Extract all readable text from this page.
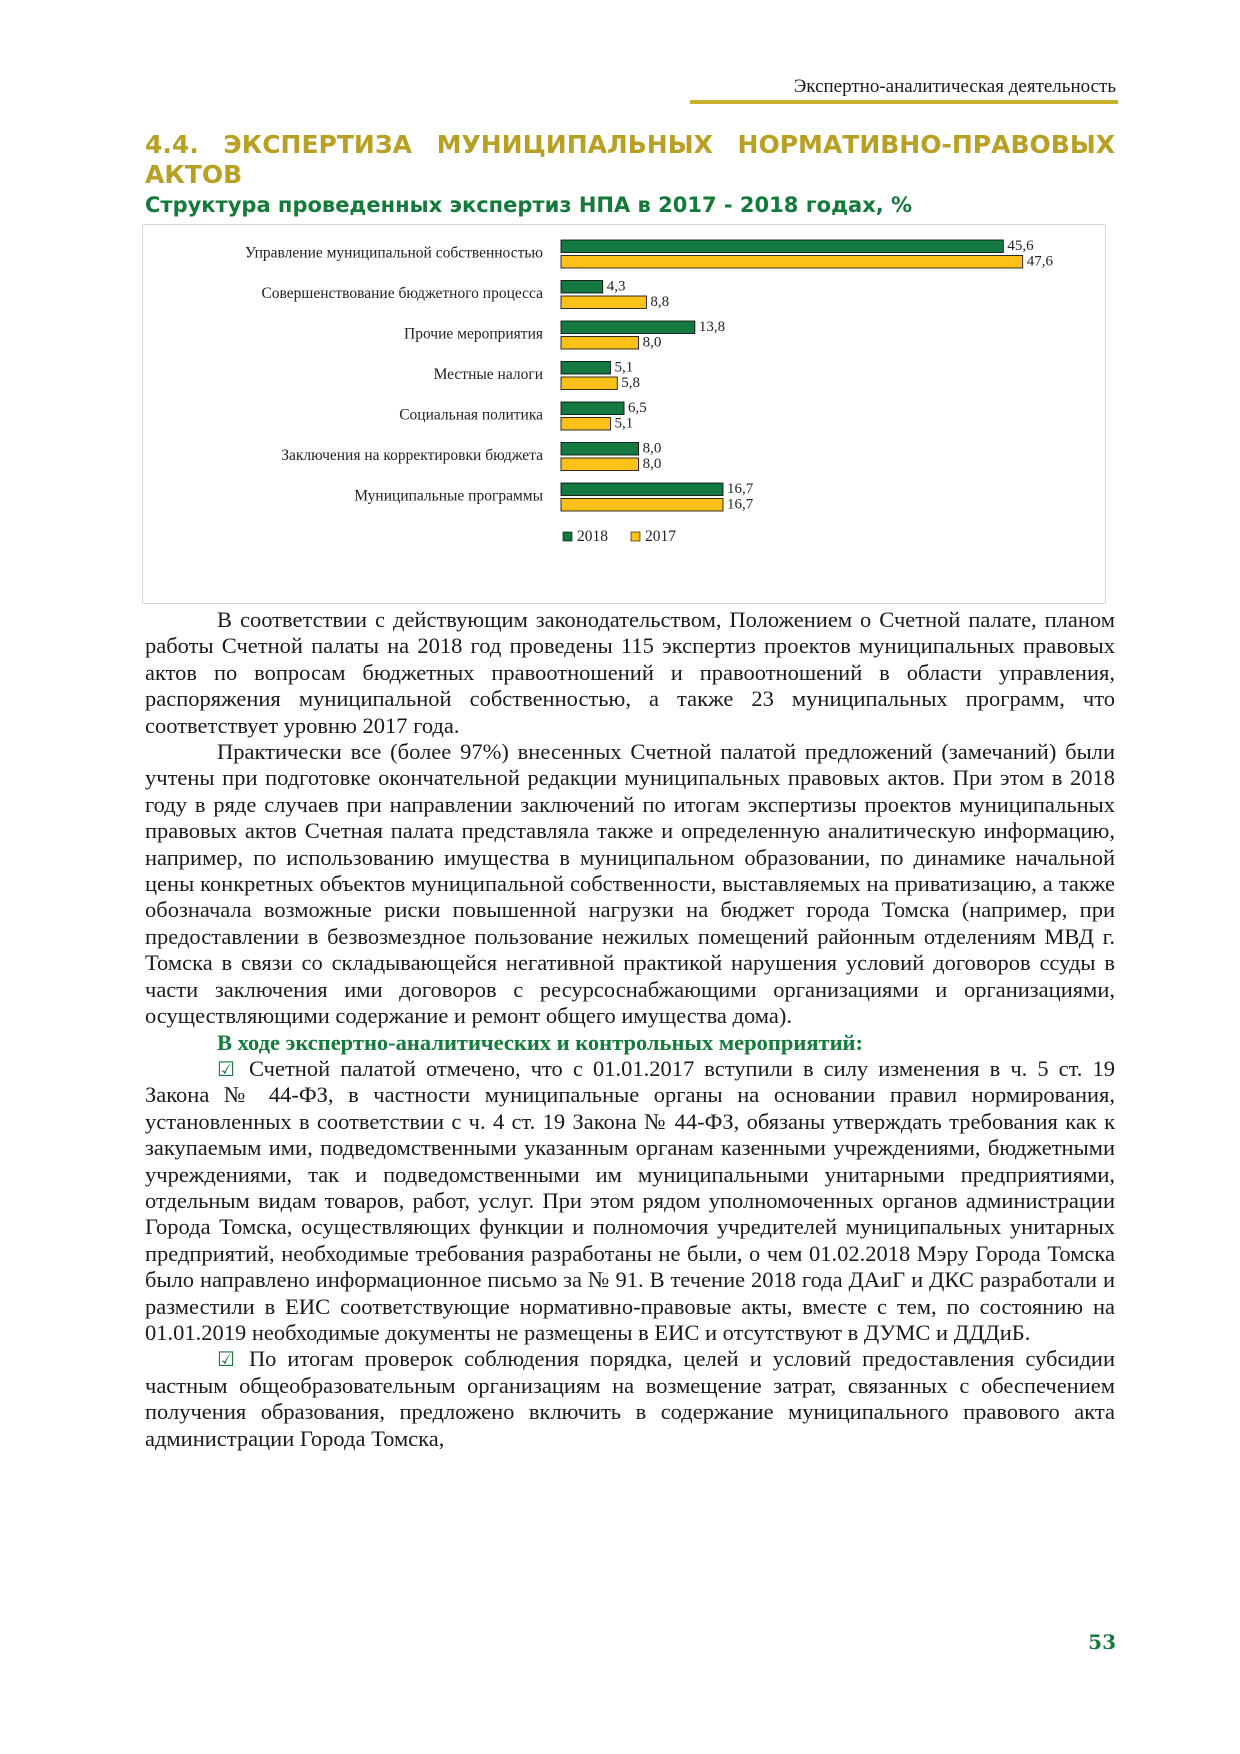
Экспертно-аналитическая деятельность
4.4. ЭКСПЕРТИЗА МУНИЦИПАЛЬНЫХ НОРМАТИВНО-ПРАВОВЫХ АКТОВ
Структура проведенных экспертиз НПА в 2017 - 2018 годах, %
Управление муниципальной собственностью	45,6
47,6
Совершенствование бюджетного процесса	4,3
8,8
Прочие мероприятия	13,8
8,0
Местные налоги	5,1
5,8
Социальная политика	6,5
5,1
Заключения на корректировки бюджета	8,0
8,0
Муниципальные программы	16,7
16,7
2018 2017

В соответствии с действующим законодательством, Положением о Счетной палате, планом работы Счетной палаты на 2018 год проведены 115 экспертиз проектов муниципальных правовых актов по вопросам бюджетных правоотношений и правоотношений в области управления, распоряжения муниципальной собственностью, а также 23 муниципальных программ, что соответствует уровню 2017 года.

Практически все (более 97%) внесенных Счетной палатой предложений (замечаний) были учтены при подготовке окончательной редакции муниципальных правовых актов. При этом в 2018 году в ряде случаев при направлении заключений по итогам экспертизы проектов муниципальных правовых актов Счетная палата представляла также и определенную аналитическую информацию, например, по использованию имущества в муниципальном образовании, по динамике начальной цены конкретных объектов муниципальной собственности, выставляемых на приватизацию, а также обозначала возможные риски повышенной нагрузки на бюджет города Томска (например, при предоставлении в безвозмездное пользование нежилых помещений районным отделениям МВД г. Томска в связи со складывающейся негативной практикой нарушения условий договоров ссуды в части заключения ими договоров с ресурсоснабжающими организациями и организациями, осуществляющими содержание и ремонт общего имущества дома).

В ходе экспертно-аналитических и контрольных мероприятий:

☑ Счетной палатой отмечено, что с 01.01.2017 вступили в силу изменения в ч. 5 ст. 19 Закона № 44-ФЗ, в частности муниципальные органы на основании правил нормирования, установленных в соответствии с ч. 4 ст. 19 Закона № 44-ФЗ, обязаны утверждать требования как к закупаемым ими, подведомственными указанным органам казенными учреждениями, бюджетными учреждениями, так и подведомственными им муниципальными унитарными предприятиями, отдельным видам товаров, работ, услуг. При этом рядом уполномоченных органов администрации Города Томска, осуществляющих функции и полномочия учредителей муниципальных унитарных предприятий, необходимые требования разработаны не были, о чем 01.02.2018 Мэру Города Томска было направлено информационное письмо за № 91. В течение 2018 года ДАиГ и ДКС разработали и разместили в ЕИС соответствующие нормативно-правовые акты, вместе с тем, по состоянию на 01.01.2019 необходимые документы не размещены в ЕИС и отсутствуют в ДУМС и ДДДиБ.

☑ По итогам проверок соблюдения порядка, целей и условий предоставления субсидии частным общеобразовательным организациям на возмещение затрат, связанных с обеспечением получения образования, предложено включить в содержание муниципального правового акта администрации Города Томска,

53
